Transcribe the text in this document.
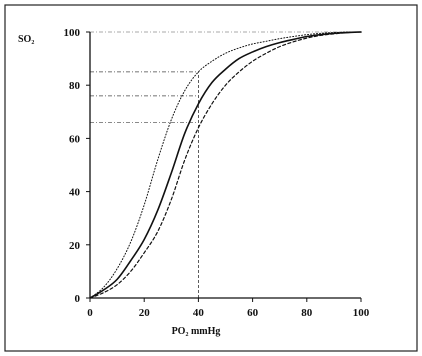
0	20	40	60	80	100
0
20
40
60
80
100
SO₂
PO₂ mmHg
